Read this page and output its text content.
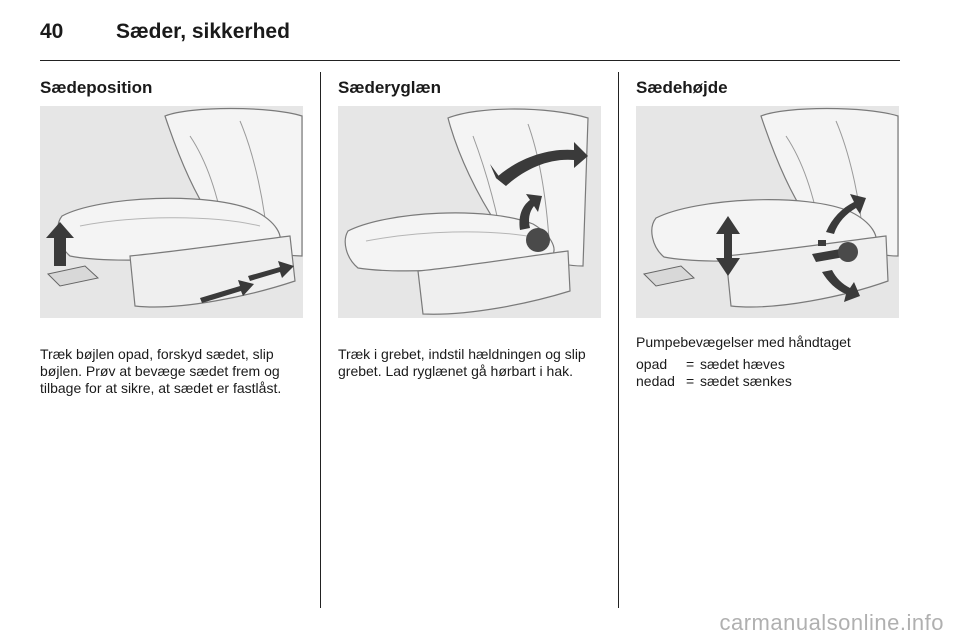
40	Sæder, sikkerhed
Sædeposition

Træk bøjlen opad, forskyd sædet, slip bøjlen. Prøv at bevæge sædet frem og tilbage for at sikre, at sædet er fastlåst.

Sæderyglæn

Træk i grebet, indstil hældningen og slip grebet. Lad ryglænet gå hørbart i hak.

Sædehøjde

Pumpebevægelser med håndtaget

opad	= sædet hæves
nedad = sædet sænkes
carmanualsonline.info
